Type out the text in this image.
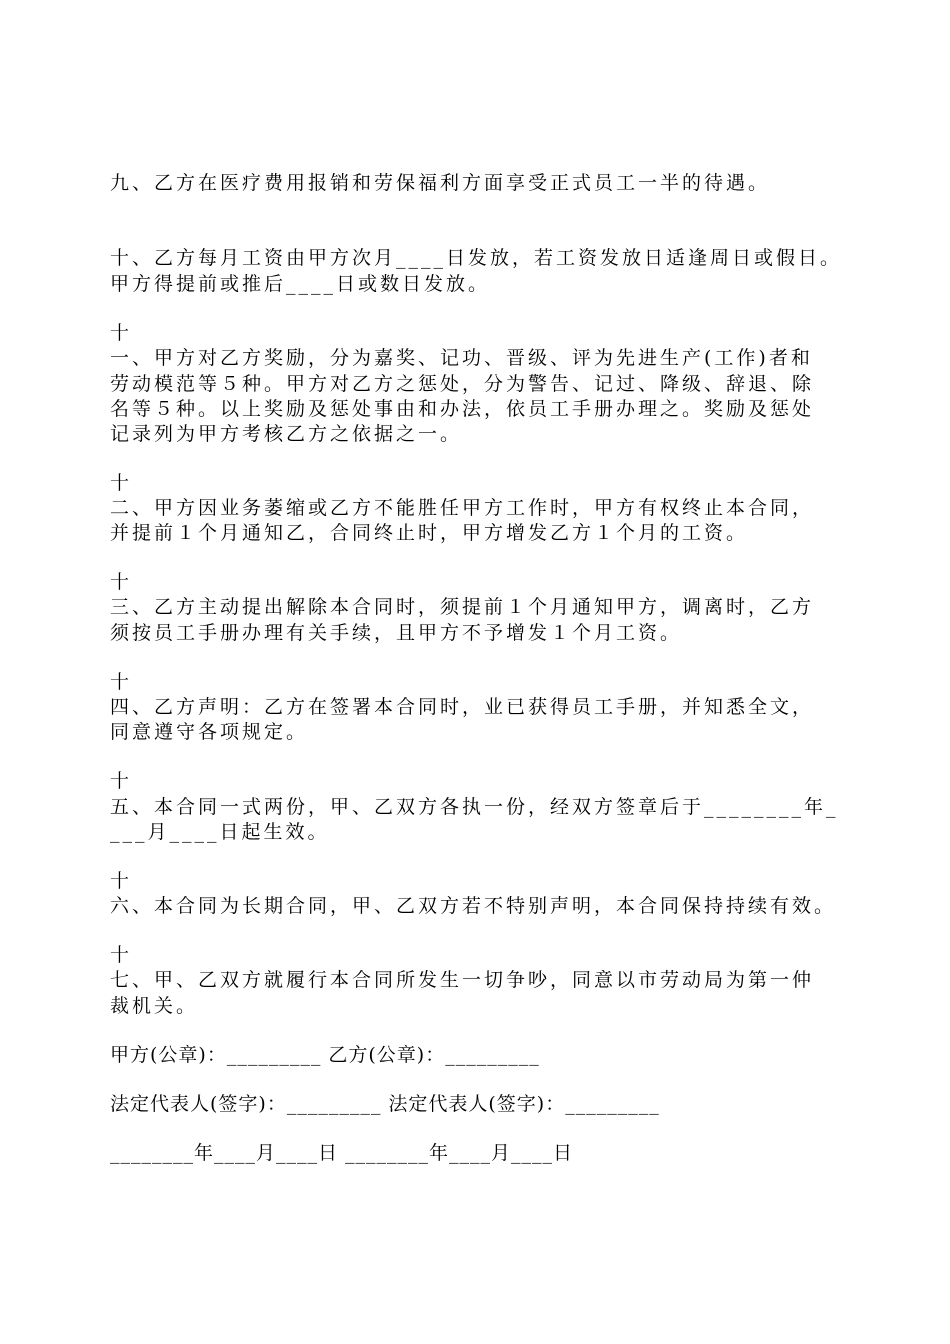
九、乙方在医疗费用报销和劳保福利方面享受正式员工一半的待遇。
十、乙方每月工资由甲方次月____日发放，若工资发放日适逢周日或假日。
甲方得提前或推后____日或数日发放。
十
一、甲方对乙方奖励，分为嘉奖、记功、晋级、评为先进生产(工作)者和
劳动模范等５种。甲方对乙方之惩处，分为警告、记过、降级、辞退、除
名等５种。以上奖励及惩处事由和办法，依员工手册办理之。奖励及惩处
记录列为甲方考核乙方之依据之一。
十
二、甲方因业务萎缩或乙方不能胜任甲方工作时，甲方有权终止本合同，
并提前１个月通知乙，合同终止时，甲方增发乙方１个月的工资。
十
三、乙方主动提出解除本合同时，须提前１个月通知甲方，调离时，乙方
须按员工手册办理有关手续，且甲方不予增发１个月工资。
十
四、乙方声明：乙方在签署本合同时，业已获得员工手册，并知悉全文，
同意遵守各项规定。
十
五、本合同一式两份，甲、乙双方各执一份，经双方签章后于________年_
___月____日起生效。
十
六、本合同为长期合同，甲、乙双方若不特别声明，本合同保持持续有效。
十
七、甲、乙双方就履行本合同所发生一切争吵，同意以市劳动局为第一仲
裁机关。
甲方(公章)：_________ 乙方(公章)：_________
法定代表人(签字)：_________ 法定代表人(签字)：_________
________年____月____日 ________年____月____日
